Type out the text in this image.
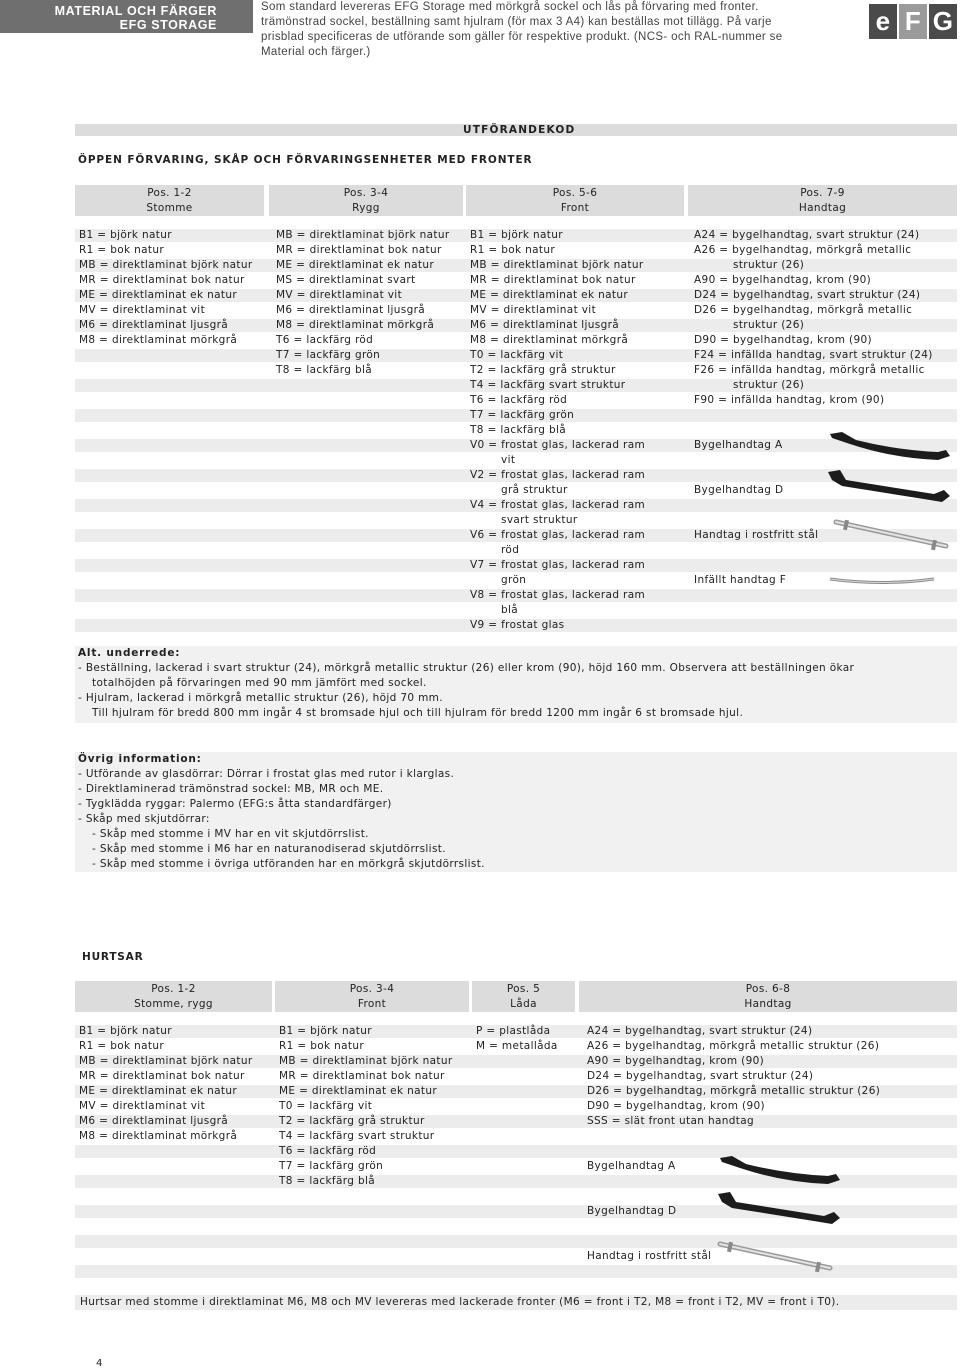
MATERIAL OCH FÄRGER
EFG STORAGE
Som standard levereras EFG Storage med mörkgrå sockel och lås på förvaring med fronter.
trämönstrad sockel, beställning samt hjulram (för max 3 A4) kan beställas mot tillägg. På varje
prisblad specificeras de utförande som gäller för respektive produkt. (NCS- och RAL-nummer se
Material och färger.)
e F G
UTFÖRANDEKOD
ÖPPEN FÖRVARING, SKÅP OCH FÖRVARINGSENHETER MED FRONTER
Pos. 1-2
Stomme
Pos. 3-4
Rygg
Pos. 5-6
Front
Pos. 7-9
Handtag
B1 = björk natur
R1 = bok natur
MB = direktlaminat björk natur
MR = direktlaminat bok natur
ME = direktlaminat ek natur
MV = direktlaminat vit
M6 = direktlaminat ljusgrå
M8 = direktlaminat mörkgrå
MB = direktlaminat björk natur
MR = direktlaminat bok natur
ME = direktlaminat ek natur
MS = direktlaminat svart
MV = direktlaminat vit
M6 = direktlaminat ljusgrå
M8 = direktlaminat mörkgrå
T6 = lackfärg röd
T7 = lackfärg grön
T8 = lackfärg blå
B1 = björk natur
R1 = bok natur
MB = direktlaminat björk natur
MR = direktlaminat bok natur
ME = direktlaminat ek natur
MV = direktlaminat vit
M6 = direktlaminat ljusgrå
M8 = direktlaminat mörkgrå
T0 = lackfärg vit
T2 = lackfärg grå struktur
T4 = lackfärg svart struktur
T6 = lackfärg röd
T7 = lackfärg grön
T8 = lackfärg blå
V0 = frostat glas, lackerad ram
vit
V2 = frostat glas, lackerad ram
grå struktur
V4 = frostat glas, lackerad ram
svart struktur
V6 = frostat glas, lackerad ram
röd
V7 = frostat glas, lackerad ram
grön
V8 = frostat glas, lackerad ram
blå
V9 = frostat glas
A24 = bygelhandtag, svart struktur (24)
A26 = bygelhandtag, mörkgrå metallic
struktur (26)
A90 = bygelhandtag, krom (90)
D24 = bygelhandtag, svart struktur (24)
D26 = bygelhandtag, mörkgrå metallic
struktur (26)
D90 = bygelhandtag, krom (90)
F24 = infällda handtag, svart struktur (24)
F26 = infällda handtag, mörkgrå metallic
struktur (26)
F90 = infällda handtag, krom (90)
Bygelhandtag A
Bygelhandtag D
Handtag i rostfritt stål
Infällt handtag F
Alt. underrede:
- Beställning, lackerad i svart struktur (24), mörkgrå metallic struktur (26) eller krom (90), höjd 160 mm. Observera att beställningen ökar
totalhöjden på förvaringen med 90 mm jämfört med sockel.
- Hjulram, lackerad i mörkgrå metallic struktur (26), höjd 70 mm.
Till hjulram för bredd 800 mm ingår 4 st bromsade hjul och till hjulram för bredd 1200 mm ingår 6 st bromsade hjul.
Övrig information:
- Utförande av glasdörrar: Dörrar i frostat glas med rutor i klarglas.
- Direktlaminerad trämönstrad sockel: MB, MR och ME.
- Tygklädda ryggar: Palermo (EFG:s åtta standardfärger)
- Skåp med skjutdörrar:
- Skåp med stomme i MV har en vit skjutdörrslist.
- Skåp med stomme i M6 har en naturanodiserad skjutdörrslist.
- Skåp med stomme i övriga utföranden har en mörkgrå skjutdörrslist.
HURTSAR
Pos. 1-2
Stomme, rygg
Pos. 3-4
Front
Pos. 5
Låda
Pos. 6-8
Handtag
B1 = björk natur
R1 = bok natur
MB = direktlaminat björk natur
MR = direktlaminat bok natur
ME = direktlaminat ek natur
MV = direktlaminat vit
M6 = direktlaminat ljusgrå
M8 = direktlaminat mörkgrå
B1 = björk natur
R1 = bok natur
MB = direktlaminat björk natur
MR = direktlaminat bok natur
ME = direktlaminat ek natur
T0 = lackfärg vit
T2 = lackfärg grå struktur
T4 = lackfärg svart struktur
T6 = lackfärg röd
T7 = lackfärg grön
T8 = lackfärg blå
P = plastlåda
M = metallåda
A24 = bygelhandtag, svart struktur (24)
A26 = bygelhandtag, mörkgrå metallic struktur (26)
A90 = bygelhandtag, krom (90)
D24 = bygelhandtag, svart struktur (24)
D26 = bygelhandtag, mörkgrå metallic struktur (26)
D90 = bygelhandtag, krom (90)
SSS = slät front utan handtag
Bygelhandtag A
Bygelhandtag D
Handtag i rostfritt stål
Hurtsar med stomme i direktlaminat M6, M8 och MV levereras med lackerade fronter (M6 = front i T2, M8 = front i T2, MV = front i T0).
4
